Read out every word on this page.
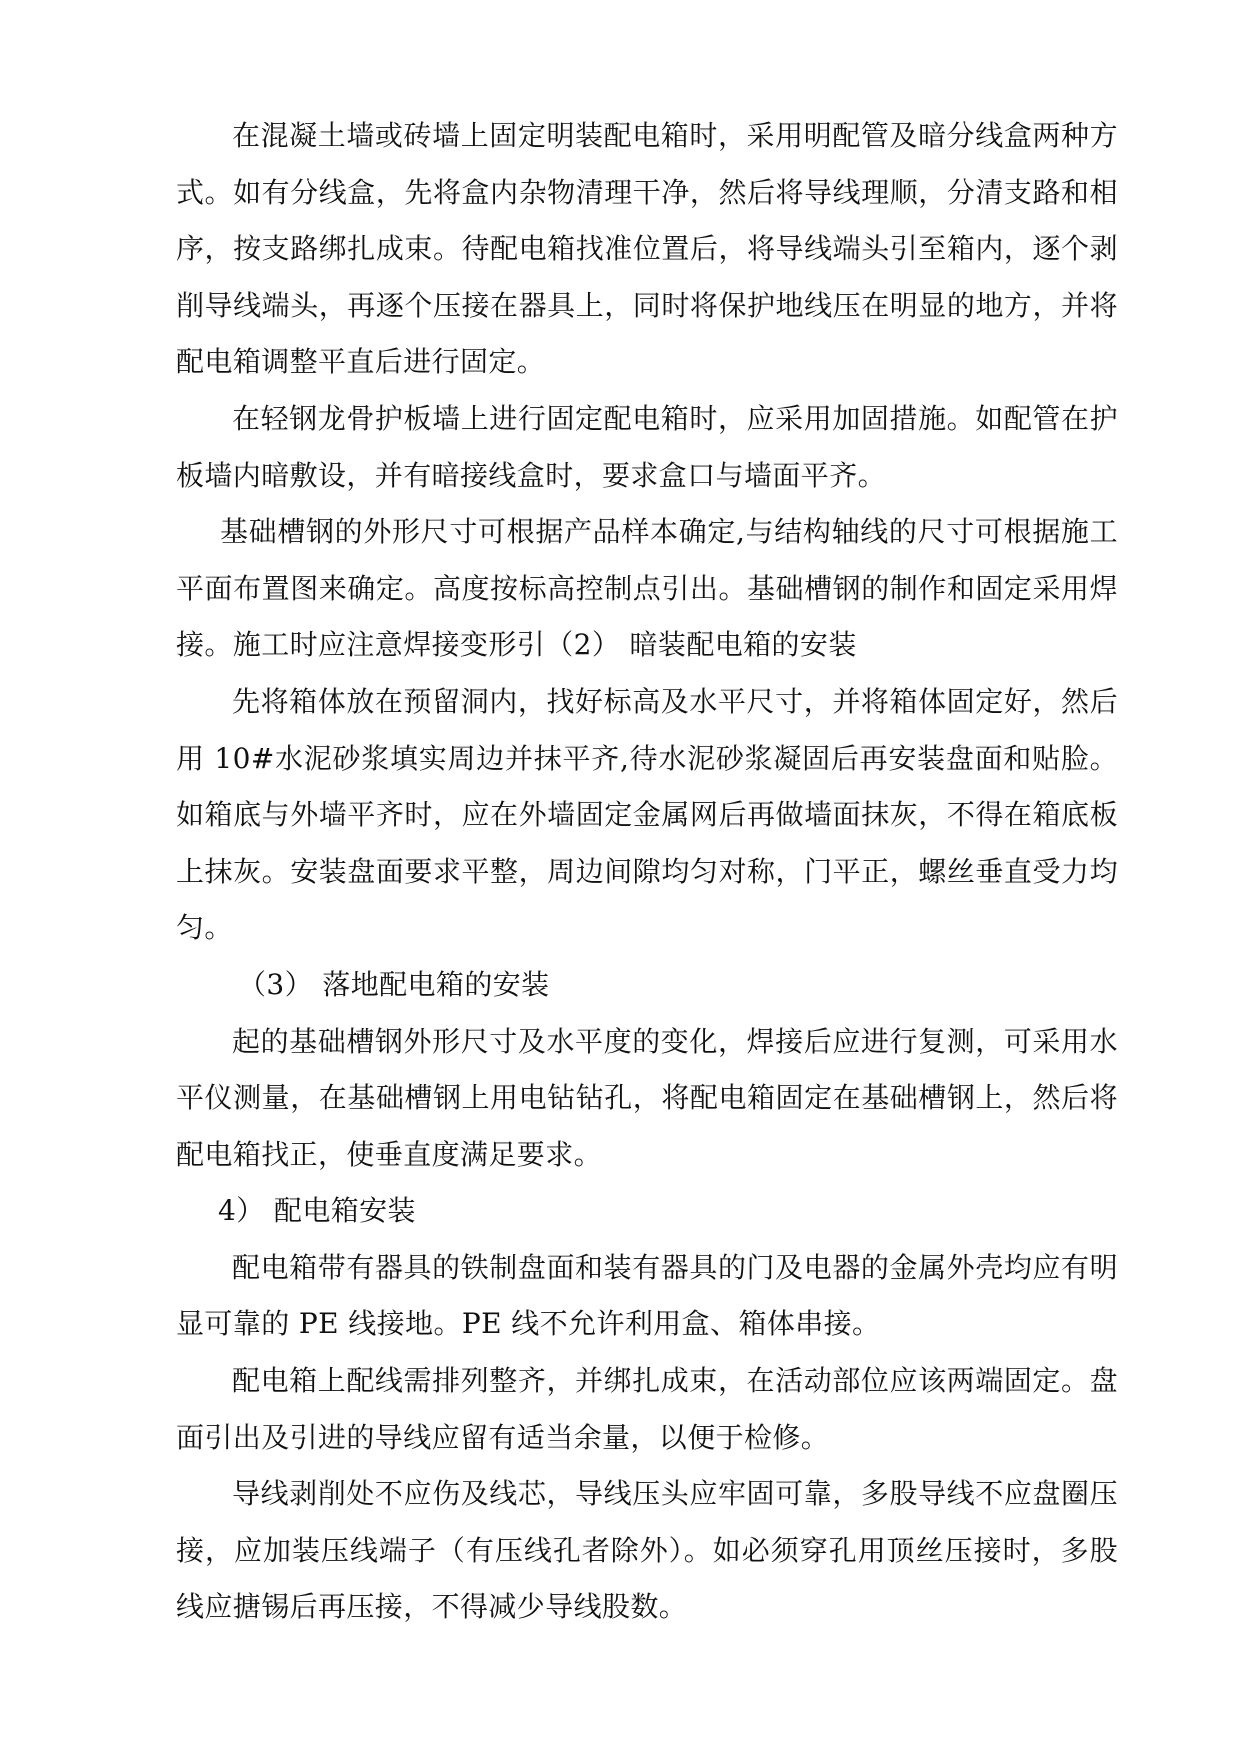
在混凝土墙或砖墙上固定明装配电箱时，采用明配管及暗分线盒两种方式。如有分线盒，先将盒内杂物清理干净，然后将导线理顺，分清支路和相序，按支路绑扎成束。待配电箱找准位置后，将导线端头引至箱内，逐个剥削导线端头，再逐个压接在器具上，同时将保护地线压在明显的地方，并将配电箱调整平直后进行固定。

在轻钢龙骨护板墙上进行固定配电箱时，应采用加固措施。如配管在护板墙内暗敷设，并有暗接线盒时，要求盒口与墙面平齐。

基础槽钢的外形尺寸可根据产品样本确定,与结构轴线的尺寸可根据施工平面布置图来确定。高度按标高控制点引出。基础槽钢的制作和固定采用焊接。施工时应注意焊接变形引（2） 暗装配电箱的安装

先将箱体放在预留洞内，找好标高及水平尺寸，并将箱体固定好，然后用 10#水泥砂浆填实周边并抹平齐,待水泥砂浆凝固后再安装盘面和贴脸。如箱底与外墙平齐时，应在外墙固定金属网后再做墙面抹灰，不得在箱底板上抹灰。安装盘面要求平整，周边间隙均匀对称，门平正，螺丝垂直受力均匀。

（3） 落地配电箱的安装

起的基础槽钢外形尺寸及水平度的变化，焊接后应进行复测，可采用水平仪测量，在基础槽钢上用电钻钻孔，将配电箱固定在基础槽钢上，然后将配电箱找正，使垂直度满足要求。

4） 配电箱安装

配电箱带有器具的铁制盘面和装有器具的门及电器的金属外壳均应有明显可靠的 PE 线接地。PE 线不允许利用盒、箱体串接。

配电箱上配线需排列整齐，并绑扎成束，在活动部位应该两端固定。盘面引出及引进的导线应留有适当余量，以便于检修。

导线剥削处不应伤及线芯，导线压头应牢固可靠，多股导线不应盘圈压接，应加装压线端子（有压线孔者除外）。如必须穿孔用顶丝压接时，多股线应搪锡后再压接，不得减少导线股数。
